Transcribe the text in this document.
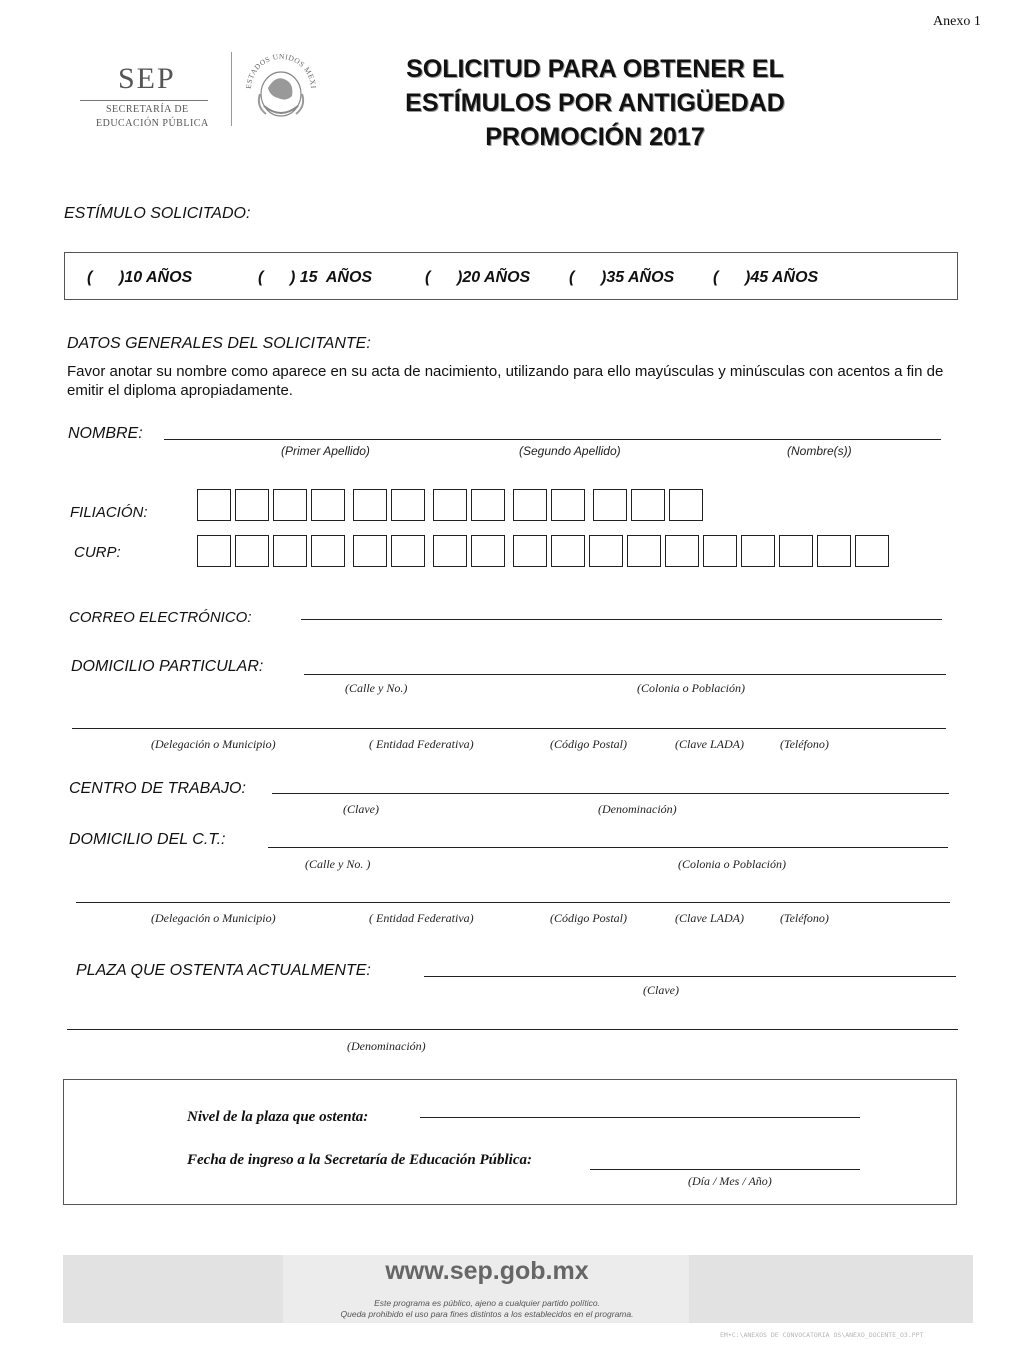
Anexo 1
SEP
SECRETARÍA DE
EDUCACIÓN PÚBLICA
ESTADOS UNIDOS MEXI
SOLICITUD PARA OBTENER EL
ESTÍMULOS POR ANTIGÜEDAD
PROMOCIÓN 2017
ESTÍMULO SOLICITADO:
(      )10 AÑOS	(      ) 15  AÑOS	(      )20 AÑOS (      )35 AÑOS (      )45 AÑOS
DATOS GENERALES DEL SOLICITANTE:
Favor anotar su nombre como aparece en su acta de nacimiento, utilizando para ello mayúsculas y minúsculas con acentos a fin de emitir el diploma apropiadamente.
NOMBRE:
(Primer Apellido)	(Segundo Apellido)	(Nombre(s))
FILIACIÓN:
CURP:
CORREO ELECTRÓNICO:
DOMICILIO PARTICULAR:
(Calle y No.)	(Colonia o Población)
(Delegación o Municipio)	( Entidad Federativa)	(Código Postal)	(Clave LADA)	(Teléfono)
CENTRO DE TRABAJO:
(Clave)	(Denominación)
DOMICILIO DEL C.T.:
(Calle y No. )	(Colonia o Población)
(Delegación o Municipio)	( Entidad Federativa)	(Código Postal)	(Clave LADA)	(Teléfono)
PLAZA QUE OSTENTA ACTUALMENTE:
(Clave)
(Denominación)
Nivel de la plaza que ostenta:
Fecha de ingreso a la Secretaría de Educación Pública:
(Día / Mes / Año)
www.sep.gob.mx
Este programa es público, ajeno a cualquier partido político.
Queda prohibido el uso para fines distintos a los establecidos en el programa.
EM•C:\ANEXOS DE CONVOCATORIA OS\ANEXO_DOCENTE_O3.PPT
